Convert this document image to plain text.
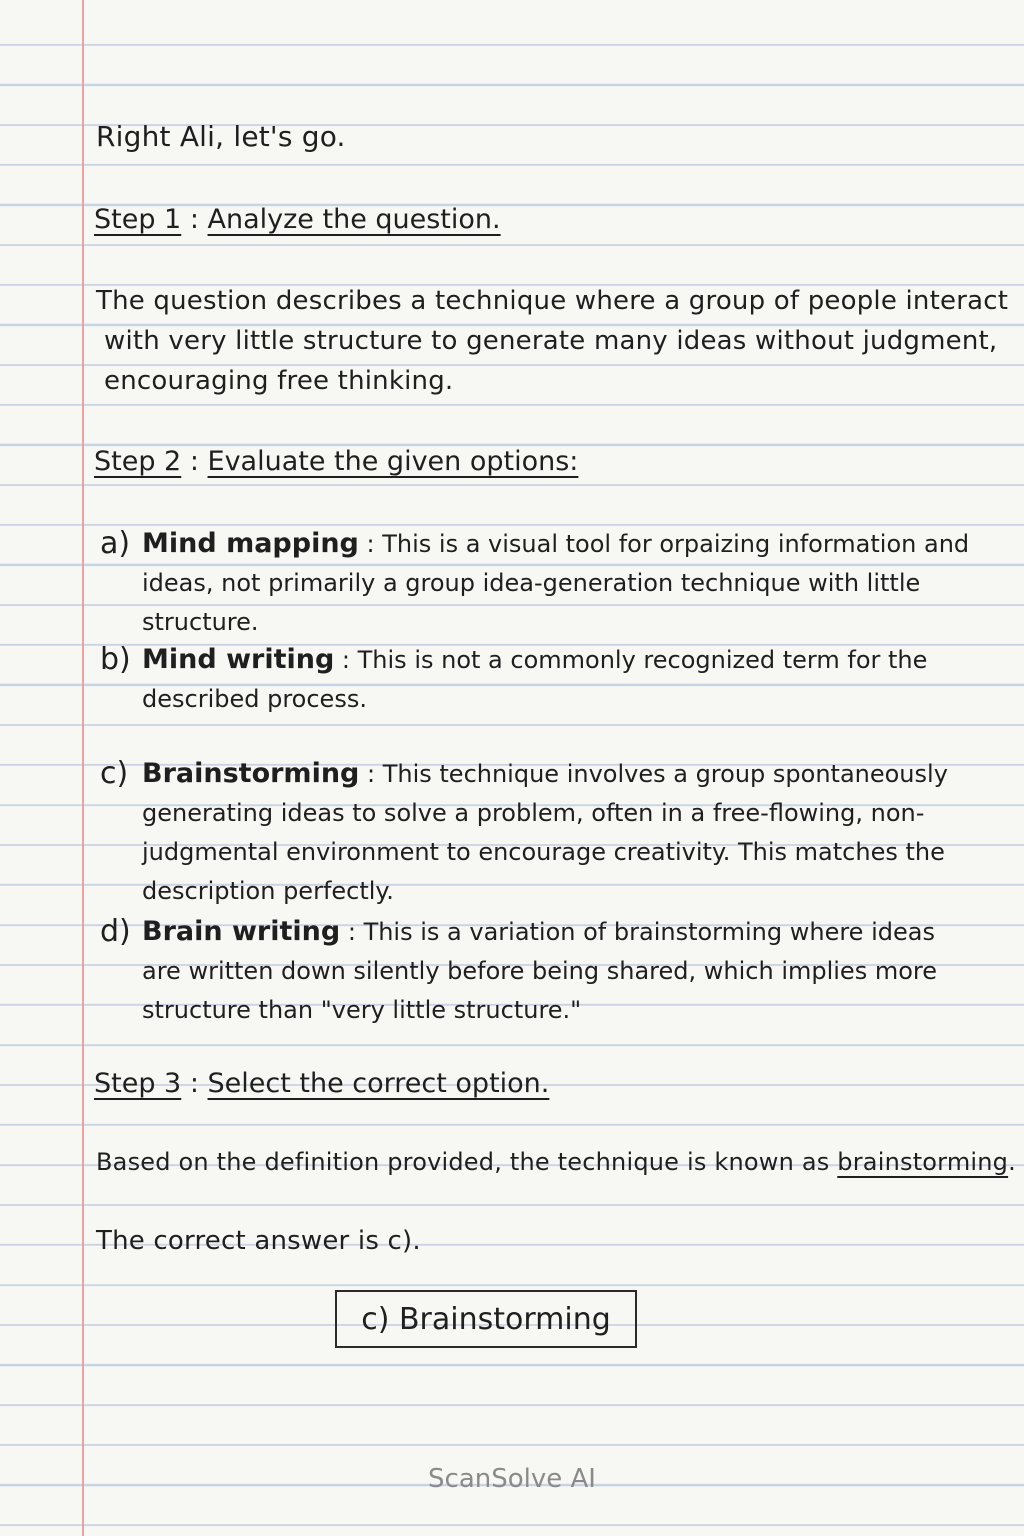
Right Ali, let's go.
Step 1 : Analyze the question.
The question describes a technique where a group of people interact
with very little structure to generate many ideas without judgment,
encouraging free thinking.
Step 2 : Evaluate the given options:
a) Mind mapping : This is a visual tool for orpaizing information and ideas, not primarily a group idea-generation technique with little structure.
b) Mind writing : This is not a commonly recognized term for the described process.
c) Brainstorming : This technique involves a group spontaneously generating ideas to solve a problem, often in a free-flowing, non-judgmental environment to encourage creativity. This matches the description perfectly.
d) Brain writing : This is a variation of brainstorming where ideas are written down silently before being shared, which implies more structure than "very little structure."
Step 3 : Select the correct option.
Based on the definition provided, the technique is known as brainstorming.
The correct answer is c).
c) Brainstorming
ScanSolve AI
